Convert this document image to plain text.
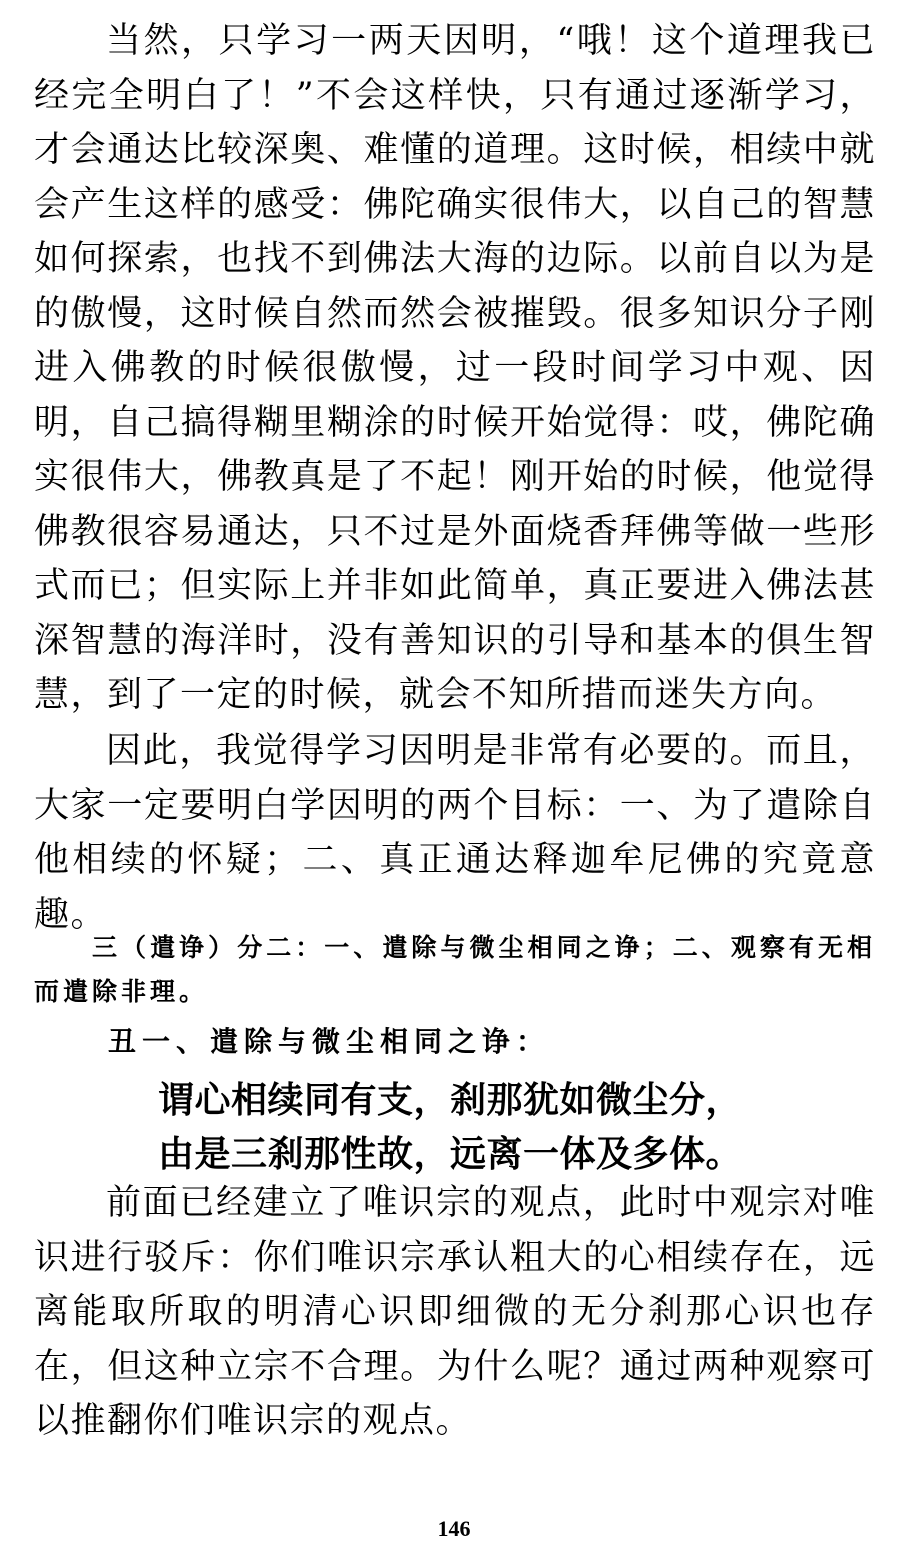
当然，只学习一两天因明，“哦！这个道理我已经完全明白了！”不会这样快，只有通过逐渐学习，才会通达比较深奥、难懂的道理。这时候，相续中就会产生这样的感受：佛陀确实很伟大，以自己的智慧如何探索，也找不到佛法大海的边际。以前自以为是的傲慢，这时候自然而然会被摧毁。很多知识分子刚进入佛教的时候很傲慢，过一段时间学习中观、因明，自己搞得糊里糊涂的时候开始觉得：哎，佛陀确实很伟大，佛教真是了不起！刚开始的时候，他觉得佛教很容易通达，只不过是外面烧香拜佛等做一些形式而已；但实际上并非如此简单，真正要进入佛法甚深智慧的海洋时，没有善知识的引导和基本的俱生智慧，到了一定的时候，就会不知所措而迷失方向。

因此，我觉得学习因明是非常有必要的。而且，大家一定要明白学因明的两个目标：一、为了遣除自他相续的怀疑；二、真正通达释迦牟尼佛的究竟意趣。

三（遣诤）分二：一、遣除与微尘相同之诤；二、观察有无相而遣除非理。

丑一、遣除与微尘相同之诤：

谓心相续同有支，刹那犹如微尘分，

由是三刹那性故，远离一体及多体。

前面已经建立了唯识宗的观点，此时中观宗对唯识进行驳斥：你们唯识宗承认粗大的心相续存在，远离能取所取的明清心识即细微的无分刹那心识也存在，但这种立宗不合理。为什么呢？通过两种观察可以推翻你们唯识宗的观点。

146
